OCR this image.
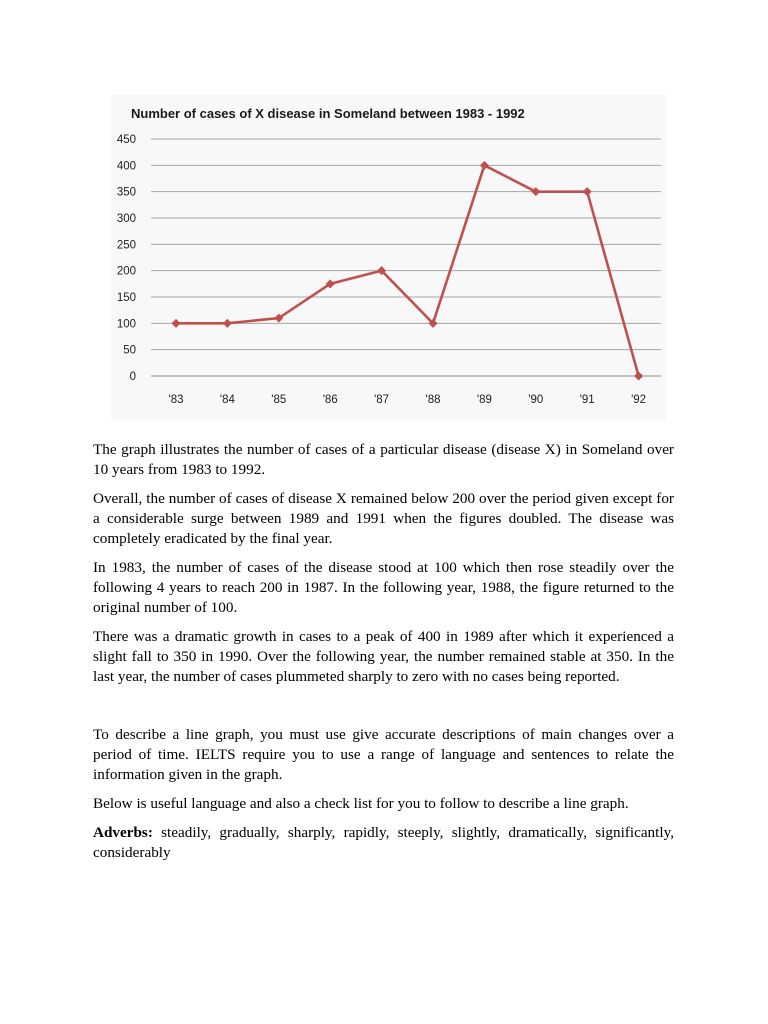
Number of cases of X disease in Someland between 1983 - 1992
0
50
100
150
200
250
300
350
400
450
'83	'84	'85	'86	'87	'88	'89	'90	'91	'92

The graph illustrates the number of cases of a particular disease (disease X) in Someland over 10 years from 1983 to 1992.

Overall, the number of cases of disease X remained below 200 over the period given except for a considerable surge between 1989 and 1991 when the figures doubled. The disease was completely eradicated by the final year.

In 1983, the number of cases of the disease stood at 100 which then rose steadily over the following 4 years to reach 200 in 1987. In the following year, 1988, the figure returned to the original number of 100.

There was a dramatic growth in cases to a peak of 400 in 1989 after which it experienced a slight fall to 350 in 1990. Over the following year, the number remained stable at 350. In the last year, the number of cases plummeted sharply to zero with no cases being reported.

To describe a line graph, you must use give accurate descriptions of main changes over a period of time. IELTS require you to use a range of language and sentences to relate the information given in the graph.

Below is useful language and also a check list for you to follow to describe a line graph.

Adverbs: steadily, gradually, sharply, rapidly, steeply, slightly, dramatically, significantly, considerably
